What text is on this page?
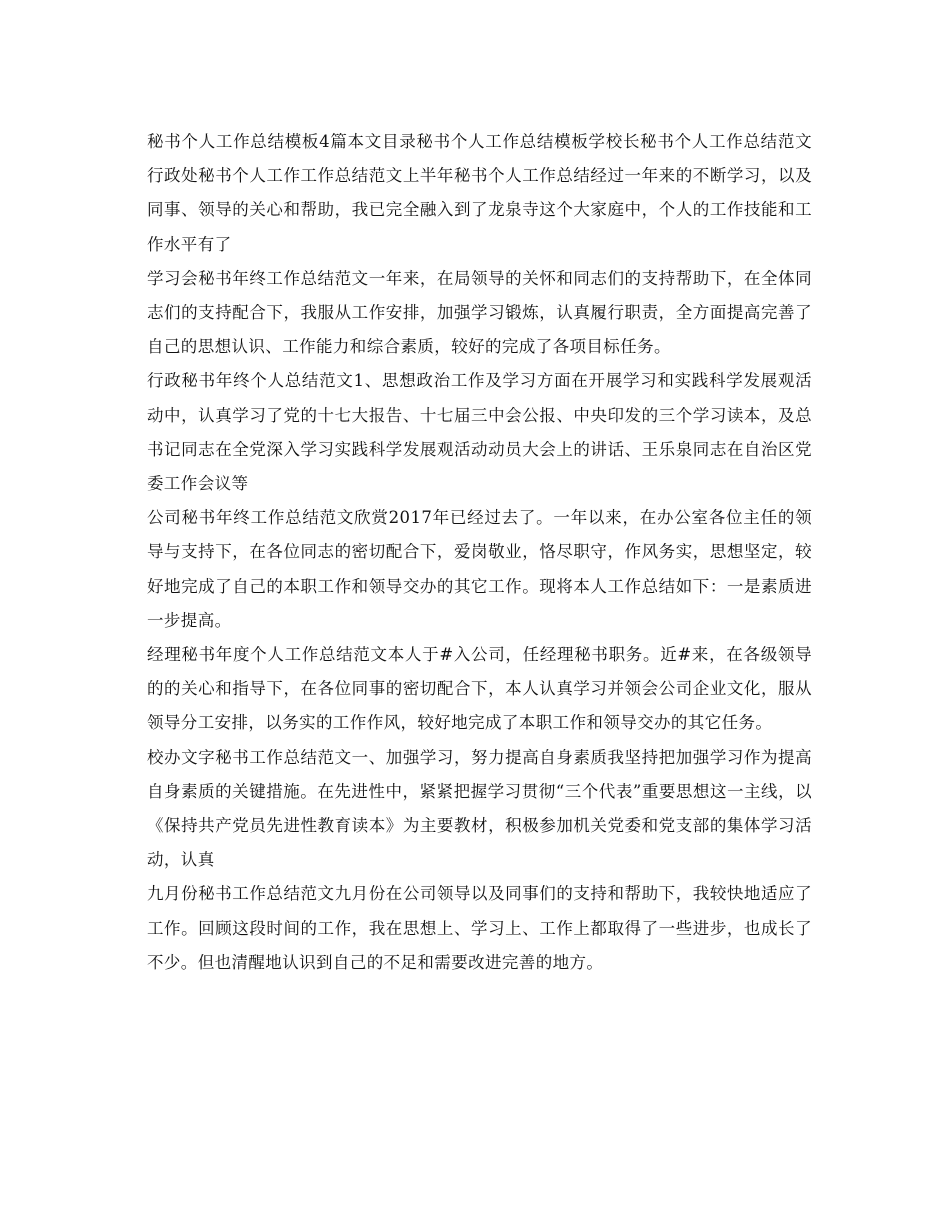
秘书个人工作总结模板4篇本文目录秘书个人工作总结模板学校长秘书个人工作总结范文行政处秘书个人工作工作总结范文上半年秘书个人工作总结经过一年来的不断学习，以及同事、领导的关心和帮助，我已完全融入到了龙泉寺这个大家庭中，个人的工作技能和工作水平有了

学习会秘书年终工作总结范文一年来，在局领导的关怀和同志们的支持帮助下，在全体同志们的支持配合下，我服从工作安排，加强学习锻炼，认真履行职责，全方面提高完善了自己的思想认识、工作能力和综合素质，较好的完成了各项目标任务。

行政秘书年终个人总结范文1、思想政治工作及学习方面在开展学习和实践科学发展观活动中，认真学习了党的十七大报告、十七届三中会公报、中央印发的三个学习读本，及总书记同志在全党深入学习实践科学发展观活动动员大会上的讲话、王乐泉同志在自治区党委工作会议等

公司秘书年终工作总结范文欣赏2017年已经过去了。一年以来，在办公室各位主任的领导与支持下，在各位同志的密切配合下，爱岗敬业，恪尽职守，作风务实，思想坚定，较好地完成了自己的本职工作和领导交办的其它工作。现将本人工作总结如下：一是素质进一步提高。

经理秘书年度个人工作总结范文本人于#入公司，任经理秘书职务。近#来，在各级领导的的关心和指导下，在各位同事的密切配合下，本人认真学习并领会公司企业文化，服从领导分工安排，以务实的工作作风，较好地完成了本职工作和领导交办的其它任务。

校办文字秘书工作总结范文一、加强学习，努力提高自身素质我坚持把加强学习作为提高自身素质的关键措施。在先进性中，紧紧把握学习贯彻“三个代表”重要思想这一主线，以《保持共产党员先进性教育读本》为主要教材，积极参加机关党委和党支部的集体学习活动，认真

九月份秘书工作总结范文九月份在公司领导以及同事们的支持和帮助下，我较快地适应了工作。回顾这段时间的工作，我在思想上、学习上、工作上都取得了一些进步，也成长了不少。但也清醒地认识到自己的不足和需要改进完善的地方。
